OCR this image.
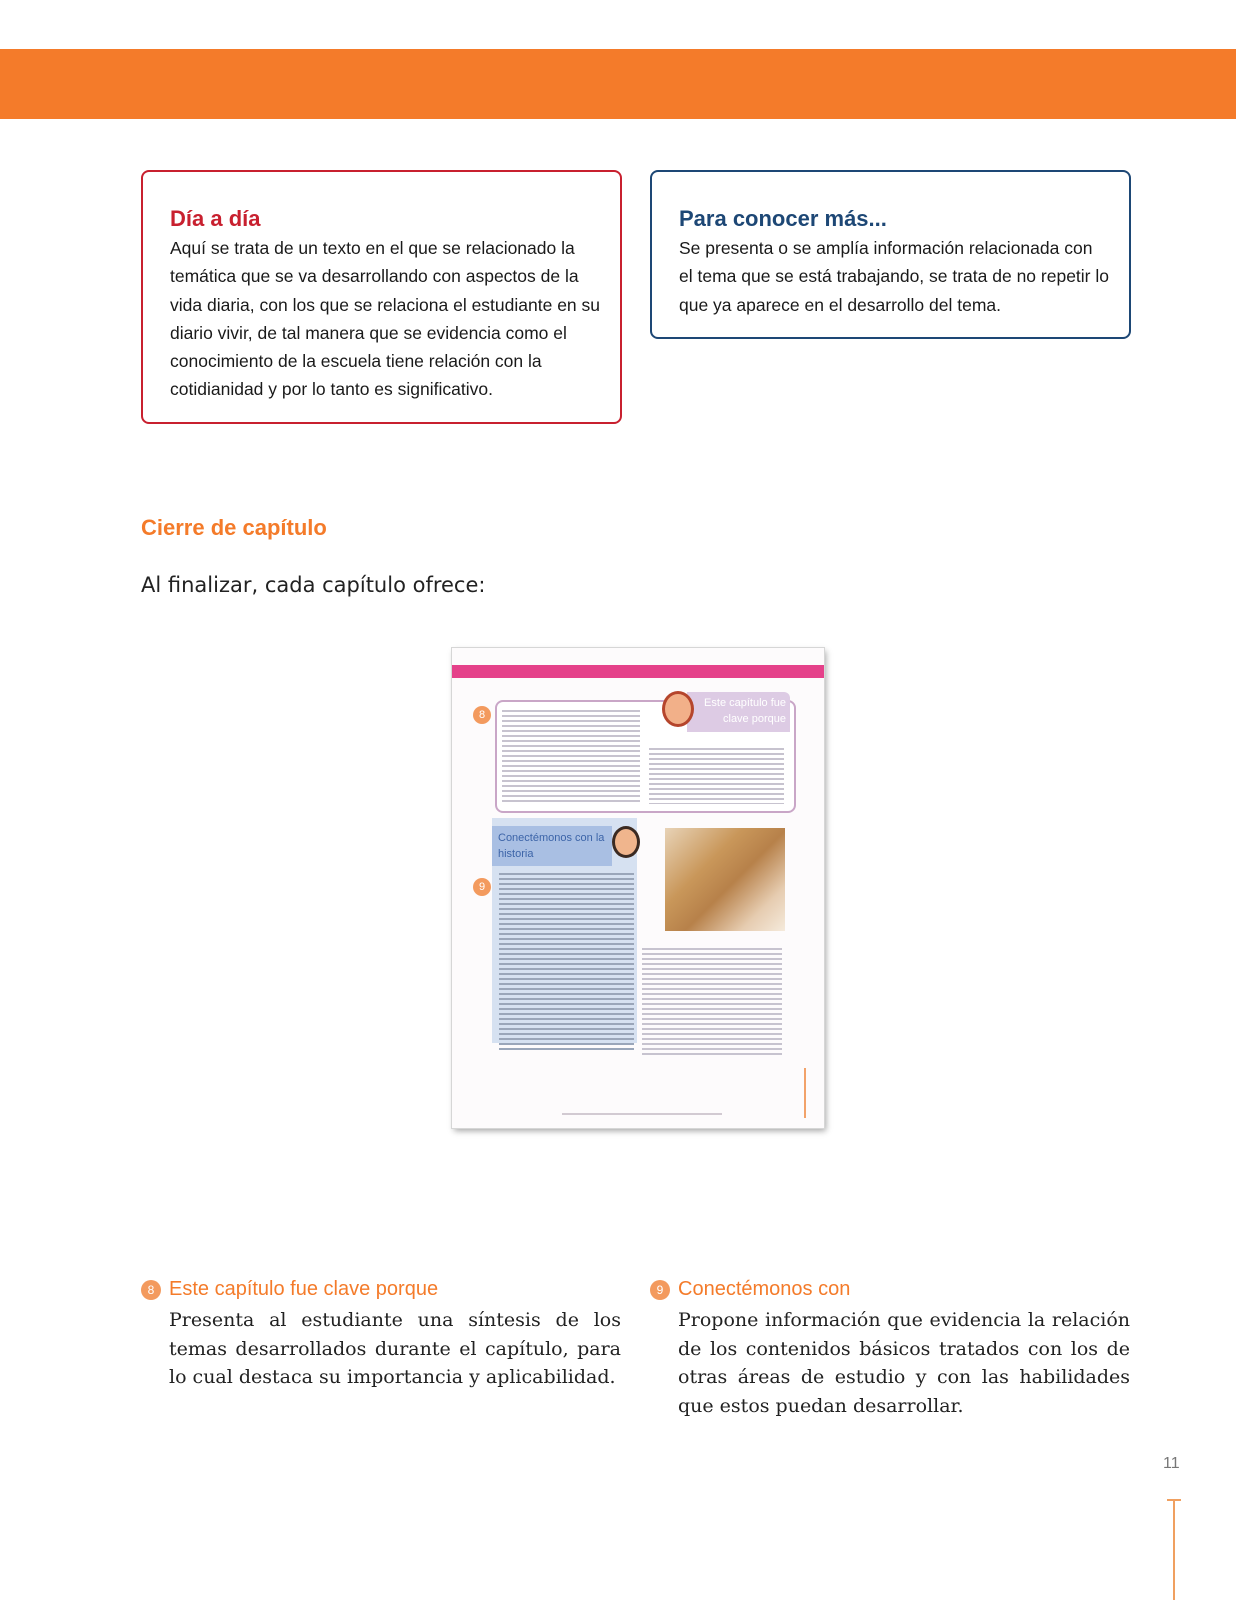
Día a día
Aquí se trata de un texto en el que se relacionado la temática que se va desarrollando con aspectos de la vida diaria, con los que se relaciona el estudiante en su diario vivir, de tal manera que se evidencia como el conocimiento de la escuela tiene relación con la cotidianidad y por lo tanto es significativo.
Para conocer más...
Se presenta o se amplía información relacionada con el tema que se está trabajando, se trata de no repetir lo que ya aparece en el desarrollo del tema.
Cierre de capítulo
Al finalizar, cada capítulo ofrece:
Este capítulo fue clave porque
8
Conectémonos con la historia
9
8 Este capítulo fue clave porque
Presenta al estudiante una síntesis de los temas desarrollados durante el capítulo, para lo cual destaca su importancia y aplicabilidad.
9 Conectémonos con
Propone información que evidencia la relación de los contenidos básicos tratados con los de otras áreas de estudio y con las habilidades que estos puedan desarrollar.
11
